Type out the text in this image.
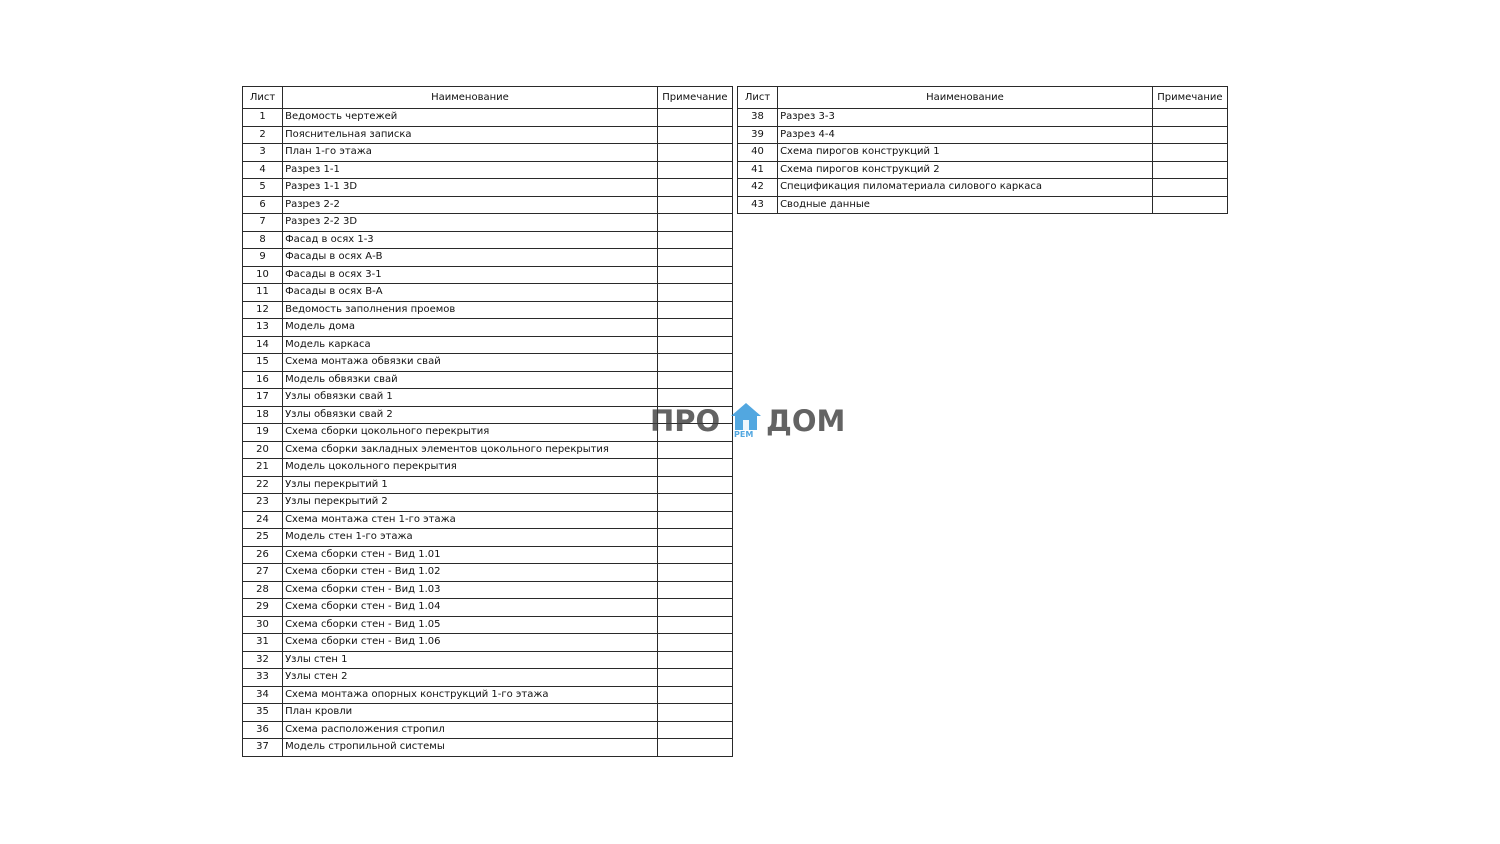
Лист	Наименование	Примечание
1	Ведомость чертежей	
2	Пояснительная записка	
3	План 1-го этажа	
4	Разрез 1-1	
5	Разрез 1-1 3D	
6	Разрез 2-2	
7	Разрез 2-2 3D	
8	Фасад в осях 1-3	
9	Фасады в осях А-В	
10	Фасады в осях 3-1	
11	Фасады в осях В-А	
12	Ведомость заполнения проемов	
13	Модель дома	
14	Модель каркаса	
15	Схема монтажа обвязки свай	
16	Модель обвязки свай	
17	Узлы обвязки свай 1	
18	Узлы обвязки свай 2	
19	Схема сборки цокольного перекрытия	
20	Схема сборки закладных элементов цокольного перекрытия	
21	Модель цокольного перекрытия	
22	Узлы перекрытий 1	
23	Узлы перекрытий 2	
24	Схема монтажа стен 1-го этажа	
25	Модель стен 1-го этажа	
26	Схема сборки стен - Вид 1.01	
27	Схема сборки стен - Вид 1.02	
28	Схема сборки стен - Вид 1.03	
29	Схема сборки стен - Вид 1.04	
30	Схема сборки стен - Вид 1.05	
31	Схема сборки стен - Вид 1.06	
32	Узлы стен 1	
33	Узлы стен 2	
34	Схема монтажа опорных конструкций 1-го этажа	
35	План кровли	
36	Схема расположения стропил	
37	Модель стропильной системы	
Лист	Наименование	Примечание
38	Разрез 3-3	
39	Разрез 4-4	
40	Схема пирогов конструкций 1	
41	Схема пирогов конструкций 2	
42	Спецификация пиломатериала силового каркаса	
43	Сводные данные	
ПРО РЕМ ДОМ
